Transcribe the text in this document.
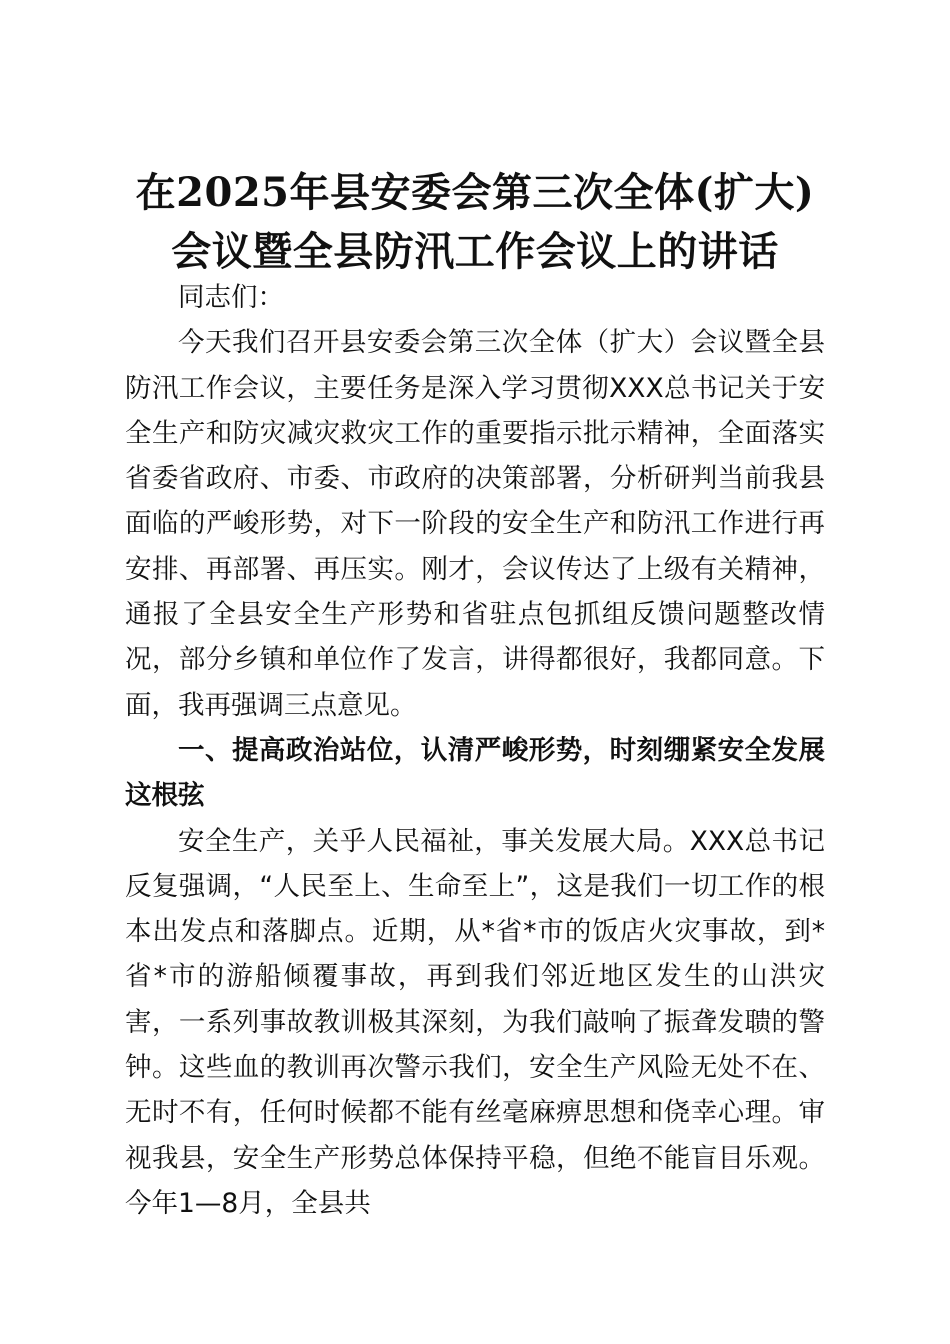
在2025年县安委会第三次全体(扩大)
会议暨全县防汛工作会议上的讲话

同志们：

今天我们召开县安委会第三次全体（扩大）会议暨全县防汛工作会议，主要任务是深入学习贯彻XXX总书记关于安全生产和防灾减灾救灾工作的重要指示批示精神，全面落实省委省政府、市委、市政府的决策部署，分析研判当前我县面临的严峻形势，对下一阶段的安全生产和防汛工作进行再安排、再部署、再压实。刚才，会议传达了上级有关精神，通报了全县安全生产形势和省驻点包抓组反馈问题整改情况，部分乡镇和单位作了发言，讲得都很好，我都同意。下面，我再强调三点意见。

一、提高政治站位，认清严峻形势，时刻绷紧安全发展这根弦

安全生产，关乎人民福祉，事关发展大局。XXX总书记反复强调，“人民至上、生命至上”，这是我们一切工作的根本出发点和落脚点。近期，从*省*市的饭店火灾事故，到*省*市的游船倾覆事故，再到我们邻近地区发生的山洪灾害，一系列事故教训极其深刻，为我们敲响了振聋发聩的警钟。这些血的教训再次警示我们，安全生产风险无处不在、无时不有，任何时候都不能有丝毫麻痹思想和侥幸心理。审视我县，安全生产形势总体保持平稳，但绝不能盲目乐观。今年1—8月，全县共
